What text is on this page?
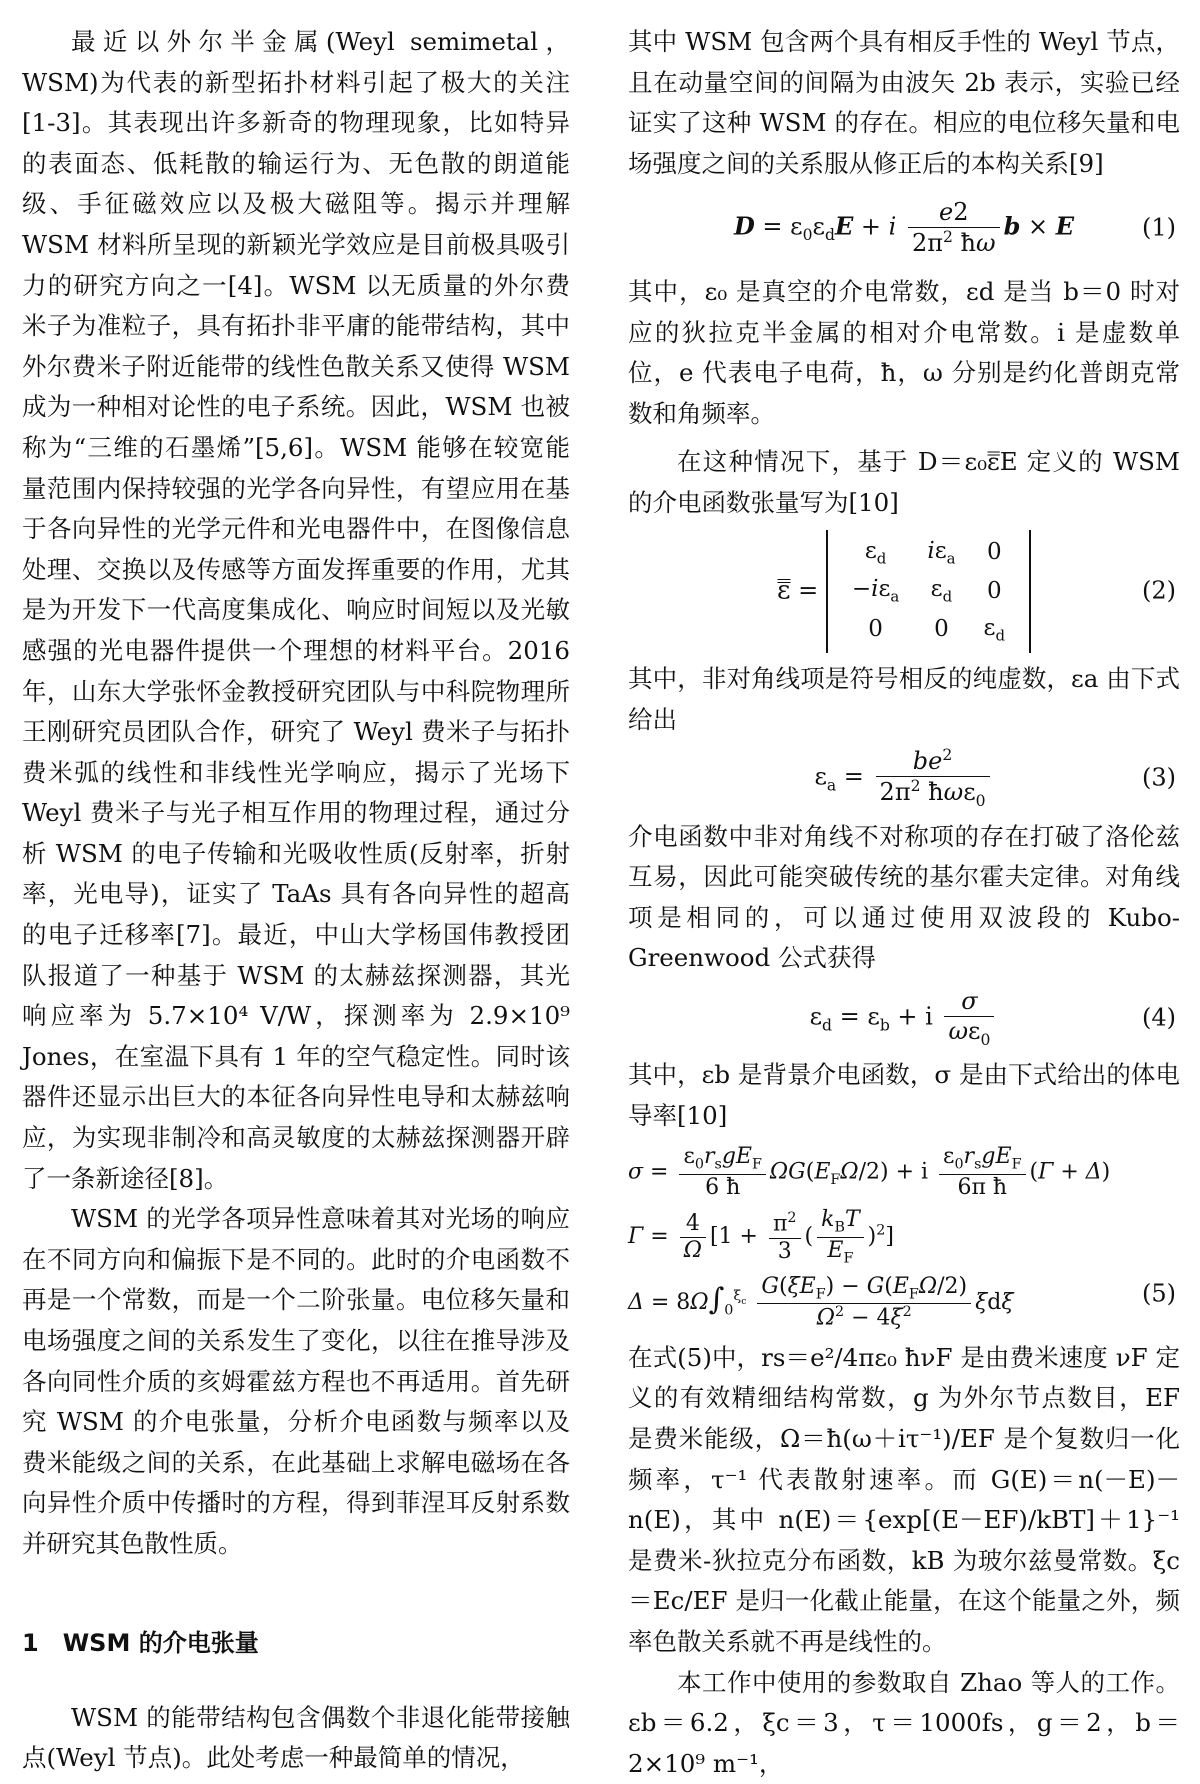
最近以外尔半金属(Weyl semimetal，WSM)为代表的新型拓扑材料引起了极大的关注[1-3]。其表现出许多新奇的物理现象，比如特异的表面态、低耗散的输运行为、无色散的朗道能级、手征磁效应以及极大磁阻等。揭示并理解 WSM 材料所呈现的新颖光学效应是目前极具吸引力的研究方向之一[4]。WSM 以无质量的外尔费米子为准粒子，具有拓扑非平庸的能带结构，其中外尔费米子附近能带的线性色散关系又使得 WSM 成为一种相对论性的电子系统。因此，WSM 也被称为“三维的石墨烯”[5,6]。WSM 能够在较宽能量范围内保持较强的光学各向异性，有望应用在基于各向异性的光学元件和光电器件中，在图像信息处理、交换以及传感等方面发挥重要的作用，尤其是为开发下一代高度集成化、响应时间短以及光敏感强的光电器件提供一个理想的材料平台。2016 年，山东大学张怀金教授研究团队与中科院物理所王刚研究员团队合作，研究了 Weyl 费米子与拓扑费米弧的线性和非线性光学响应，揭示了光场下 Weyl 费米子与光子相互作用的物理过程，通过分析 WSM 的电子传输和光吸收性质(反射率，折射率，光电导)，证实了 TaAs 具有各向异性的超高的电子迁移率[7]。最近，中山大学杨国伟教授团队报道了一种基于 WSM 的太赫兹探测器，其光响应率为 5.7×10⁴ V/W，探测率为 2.9×10⁹ Jones，在室温下具有 1 年的空气稳定性。同时该器件还显示出巨大的本征各向异性电导和太赫兹响应，为实现非制冷和高灵敏度的太赫兹探测器开辟了一条新途径[8]。

WSM 的光学各项异性意味着其对光场的响应在不同方向和偏振下是不同的。此时的介电函数不再是一个常数，而是一个二阶张量。电位移矢量和电场强度之间的关系发生了变化，以往在推导涉及各向同性介质的亥姆霍兹方程也不再适用。首先研究 WSM 的介电张量，分析介电函数与频率以及费米能级之间的关系，在此基础上求解电磁场在各向异性介质中传播时的方程，得到菲涅耳反射系数并研究其色散性质。

1　WSM 的介电张量

WSM 的能带结构包含偶数个非退化能带接触点(Weyl 节点)。此处考虑一种最简单的情况，

其中 WSM 包含两个具有相反手性的 Weyl 节点，且在动量空间的间隔为由波矢 2b 表示，实验已经证实了这种 WSM 的存在。相应的电位移矢量和电场强度之间的关系服从修正后的本构关系[9]

$D = \varepsilon_0\varepsilon_dE + i \frac{e2}{2\pi^2 ħ\omega}$ b × E	(1)

其中，ε₀ 是真空的介电常数，εd 是当 b＝0 时对应的狄拉克半金属的相对介电常数。i 是虚数单位，e 代表电子电荷，ħ，ω 分别是约化普朗克常数和角频率。

在这种情况下，基于 D＝ε₀ε̿E 定义的 WSM 的介电函数张量写为[10]

ε̿ =
$\varepsilon_d$	$i\varepsilon_a$	0
$-i\varepsilon_a$	$\varepsilon_d$	0
0	0	$\varepsilon_d$
(2)

其中，非对角线项是符号相反的纯虚数，εa 由下式给出

$\varepsilon_a = \frac{be^2}{2\pi^2 ħ\omega\varepsilon_0}$	(3)

介电函数中非对角线不对称项的存在打破了洛伦兹互易，因此可能突破传统的基尔霍夫定律。对角线项是相同的，可以通过使用双波段的 Kubo-Greenwood 公式获得

$\varepsilon_d = \varepsilon_b + i \frac{\sigma}{\omega\varepsilon_0}$	(4)

其中，εb 是背景介电函数，σ 是由下式给出的体电导率[10]

$\sigma = \frac{\varepsilon_0r_sgE_F}{6 ħ} \Omega G(E_F\Omega/2) + i \frac{\varepsilon_0r_sgE_F}{\text{6π ħ}} (\Gamma + \Delta)$
$\Gamma = \frac{4}{\Omega} [1 + \frac{\pi^2}{3}$ ( $\frac{k_BT}{E_F} )^2$]
$\Delta = 8\Omega\int_0^{\xi_c} \frac{G(\xi E_F) - G(E_F\Omega/2)}{\Omega^2 - 4\xi^2}$ ξdξ	(5)

在式(5)中，rs＝e²/4πε₀ ħνF 是由费米速度 νF 定义的有效精细结构常数，g 为外尔节点数目，EF 是费米能级，Ω＝ħ(ω＋iτ⁻¹)/EF 是个复数归一化频率，τ⁻¹ 代表散射速率。而 G(E)＝n(－E)－n(E)，其中 n(E)＝{exp[(E－EF)/kBT]＋1}⁻¹ 是费米-狄拉克分布函数，kB 为玻尔兹曼常数。ξc＝Ec/EF 是归一化截止能量，在这个能量之外，频率色散关系就不再是线性的。

本工作中使用的参数取自 Zhao 等人的工作。εb＝6.2，ξc＝3，τ＝1000fs，g＝2，b＝2×10⁹ m⁻¹，
